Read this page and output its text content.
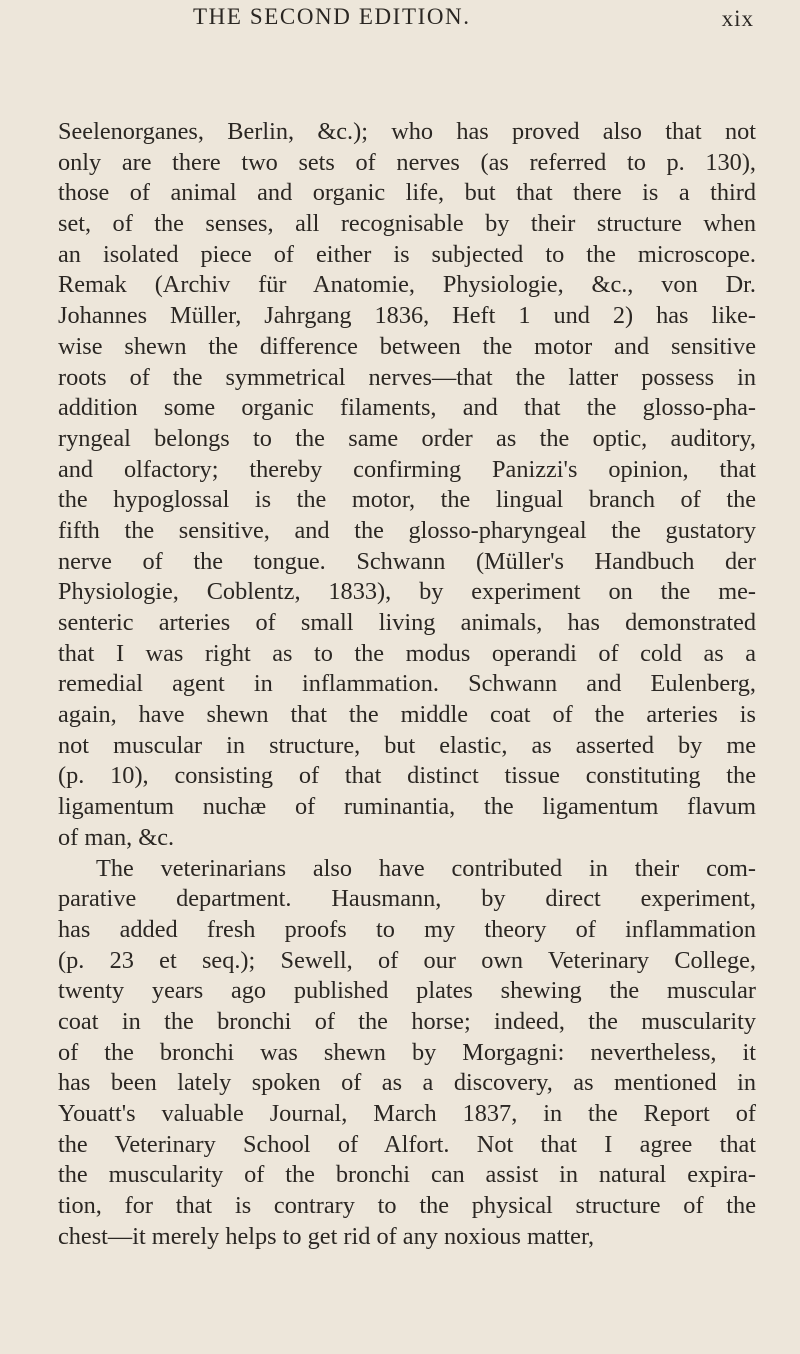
THE SECOND EDITION.	xix
Seelenorganes, Berlin, &c.); who has proved also that not
only are there two sets of nerves (as referred to p. 130),
those of animal and organic life, but that there is a third
set, of the senses, all recognisable by their structure when
an isolated piece of either is subjected to the microscope.
Remak (Archiv für Anatomie, Physiologie, &c., von Dr.
Johannes Müller, Jahrgang 1836, Heft 1 und 2) has like-
wise shewn the difference between the motor and sensitive
roots of the symmetrical nerves—that the latter possess in
addition some organic filaments, and that the glosso-pha-
ryngeal belongs to the same order as the optic, auditory,
and olfactory; thereby confirming Panizzi's opinion, that
the hypoglossal is the motor, the lingual branch of the
fifth the sensitive, and the glosso-pharyngeal the gustatory
nerve of the tongue. Schwann (Müller's Handbuch der
Physiologie, Coblentz, 1833), by experiment on the me-
senteric arteries of small living animals, has demonstrated
that I was right as to the modus operandi of cold as a
remedial agent in inflammation. Schwann and Eulenberg,
again, have shewn that the middle coat of the arteries is
not muscular in structure, but elastic, as asserted by me
(p. 10), consisting of that distinct tissue constituting the
ligamentum nuchæ of ruminantia, the ligamentum flavum
of man, &c.
The veterinarians also have contributed in their com-
parative department. Hausmann, by direct experiment,
has added fresh proofs to my theory of inflammation
(p. 23 et seq.); Sewell, of our own Veterinary College,
twenty years ago published plates shewing the muscular
coat in the bronchi of the horse; indeed, the muscularity
of the bronchi was shewn by Morgagni: nevertheless, it
has been lately spoken of as a discovery, as mentioned in
Youatt's valuable Journal, March 1837, in the Report of
the Veterinary School of Alfort. Not that I agree that
the muscularity of the bronchi can assist in natural expira-
tion, for that is contrary to the physical structure of the
chest—it merely helps to get rid of any noxious matter,
